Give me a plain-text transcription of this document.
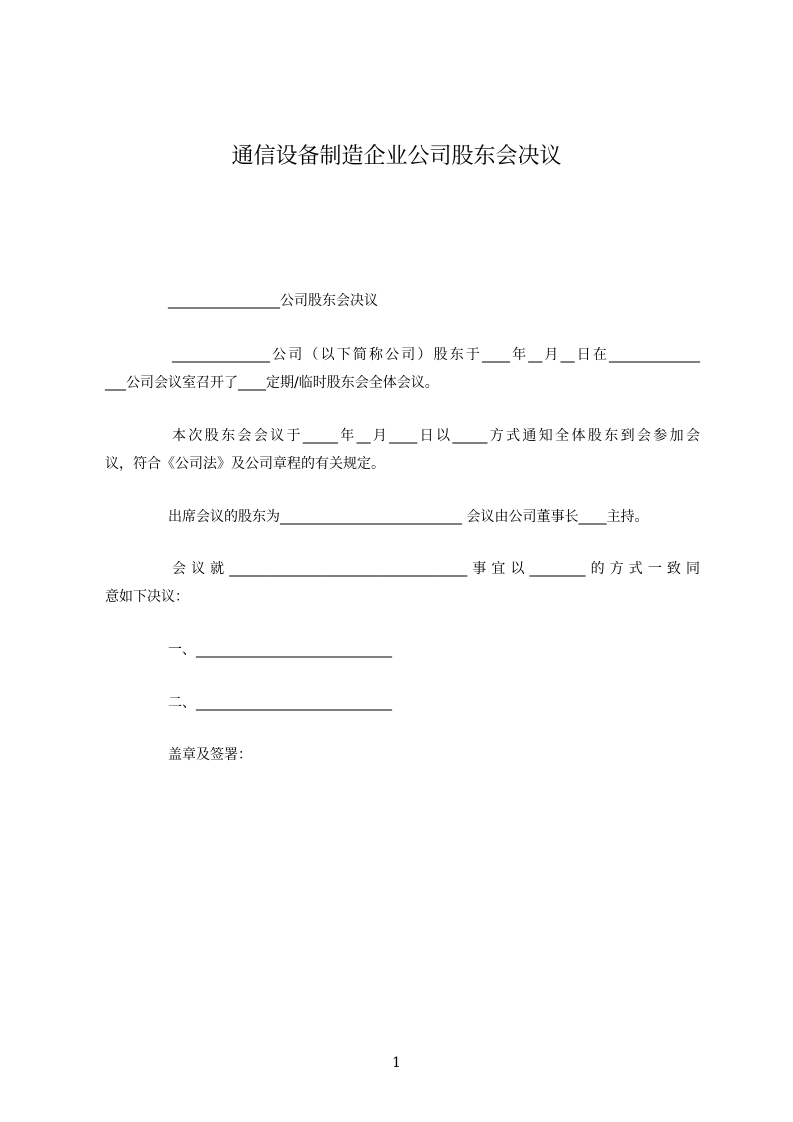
通信设备制造企业公司股东会决议
________________公司股东会决议
______________公司（以下简称公司）股东于____年__月__日在_____________
___公司会议室召开了____定期/临时股东会全体会议。
本次股东会会议于_____年__月____日以_____方式通知全体股东到会参加会
议，符合《公司法》及公司章程的有关规定。
出席会议的股东为__________________________ 会议由公司董事长____主持。
会议就__________________________________事宜以________的方式一致同
意如下决议：
一、____________________________
二、____________________________
盖章及签署：
1
